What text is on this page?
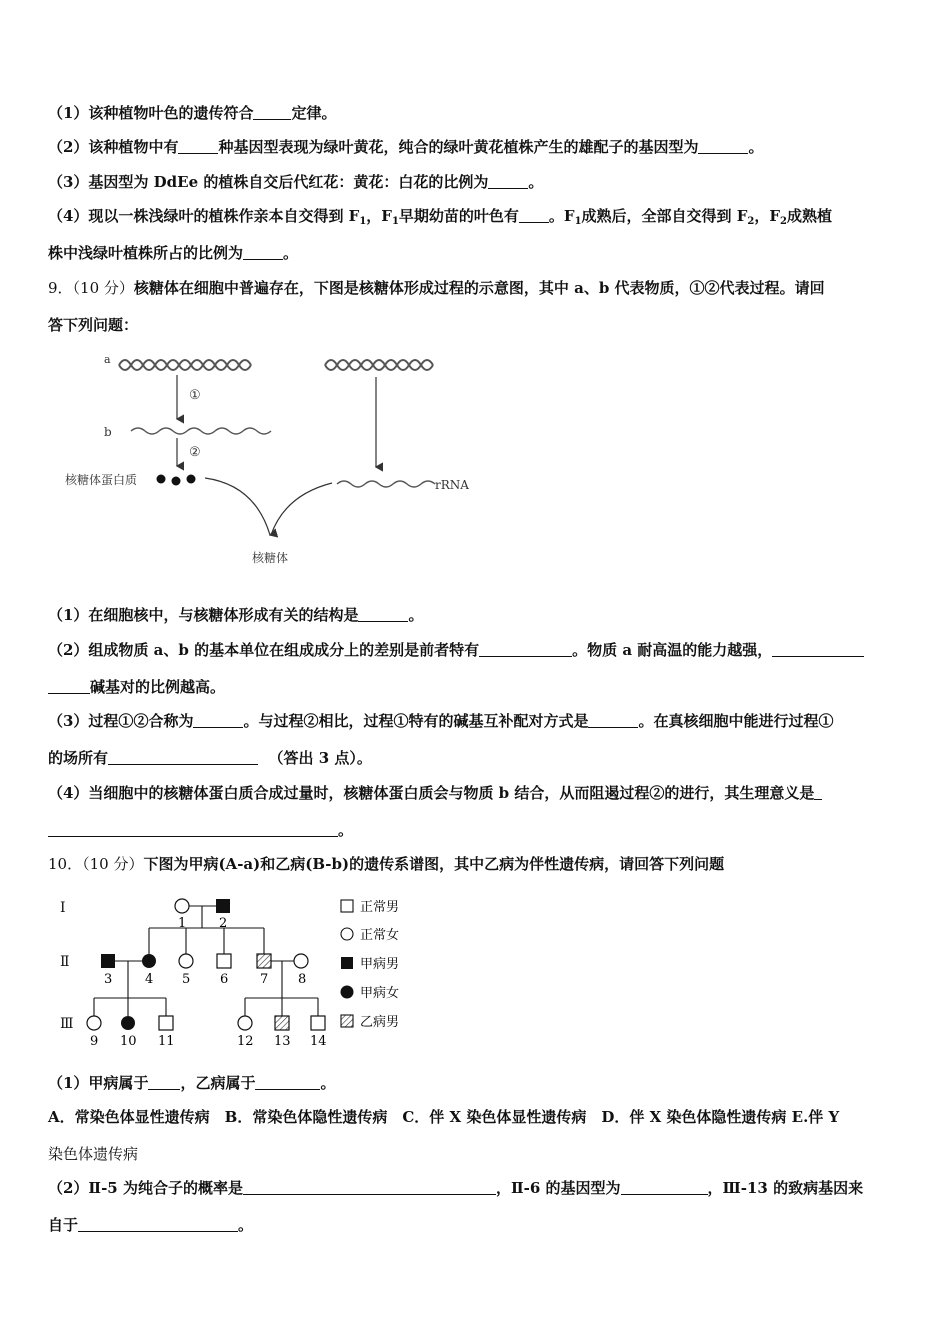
（1）该种植物叶色的遗传符合	定律。
（2）该种植物中有	种基因型表现为绿叶黄花，纯合的绿叶黄花植株产生的雄配子的基因型为	。
（3）基因型为 DdEe 的植株自交后代红花：黄花：白花的比例为	。
（4）现以一株浅绿叶的植株作亲本自交得到 $F_1$，$F_1$早期幼苗的叶色有 。$F_1$成熟后，全部自交得到 $F_2$，$F_2$成熟植
株中浅绿叶植株所占的比例为	。
9．（10 分）核糖体在细胞中普遍存在，下图是核糖体形成过程的示意图，其中 a、b 代表物质，①②代表过程。请回
答下列问题：
a
①
b
②
核糖体蛋白质	rRNA
核糖体
（1）在细胞核中，与核糖体形成有关的结构是	。
（2）组成物质 a、b 的基本单位在组成成分上的差别是前者特有	。物质 a 耐高温的能力越强，
碱基对的比例越高。
（3）过程①②合称为	。与过程②相比，过程①特有的碱基互补配对方式是	。在真核细胞中能进行过程①
的场所有	（答出 3 点）。
（4）当细胞中的核糖体蛋白质合成过量时，核糖体蛋白质会与物质 b 结合，从而阻遏过程②的进行，其生理意义是
。
10．（10 分）下图为甲病(A-a)和乙病(B-b)的遗传系谱图，其中乙病为伴性遗传病，请回答下列问题
Ⅰ
Ⅱ
Ⅲ
1	2
3	4 5 6 7 8
9 10 11	12 13 14
正常男
正常女
甲病男
甲病女
乙病男
（1）甲病属于 ，乙病属于	。
A．常染色体显性遗传病　B．常染色体隐性遗传病　C．伴 X 染色体显性遗传病　D．伴 X 染色体隐性遗传病 E.伴 Y
染色体遗传病
（2）Ⅱ-5 为纯合子的概率是	，Ⅱ-6 的基因型为	，Ⅲ-13 的致病基因来
自于	。
